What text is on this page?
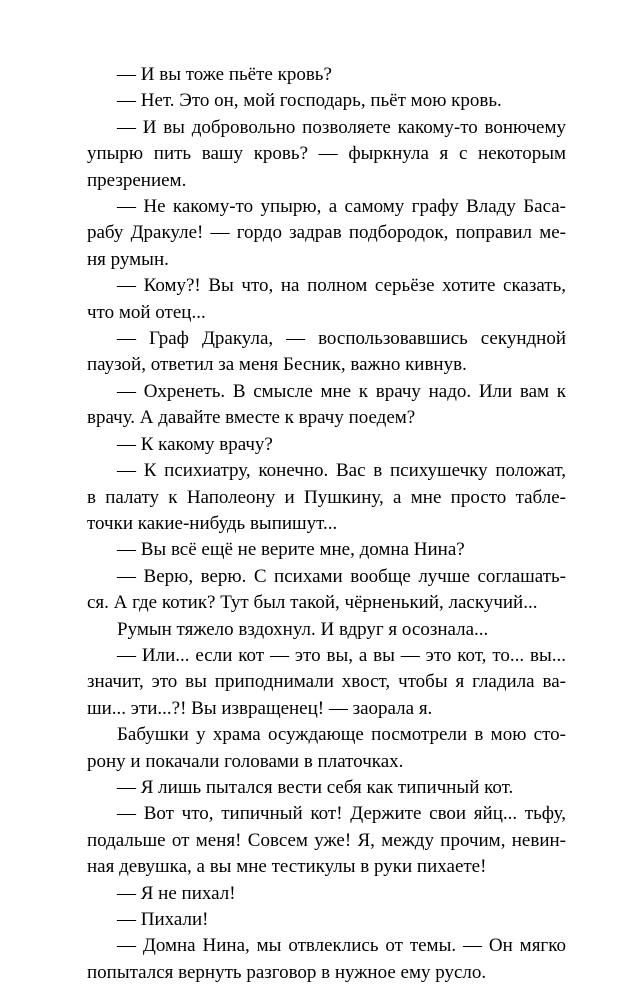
— И вы тоже пьёте кровь?

— Нет. Это он, мой господарь, пьёт мою кровь.

— И вы добровольно позволяете какому-то вонючему
упырю пить вашу кровь? — фыркнула я с некоторым
презрением.

— Не какому-то упырю, а самому графу Владу Баса-
рабу Дракуле! — гордо задрав подбородок, поправил ме-
ня румын.

— Кому?! Вы что, на полном серьёзе хотите сказать,
что мой отец...

— Граф Дракула, — воспользовавшись секундной
паузой, ответил за меня Бесник, важно кивнув.

— Охренеть. В смысле мне к врачу надо. Или вам к
врачу. А давайте вместе к врачу поедем?

— К какому врачу?

— К психиатру, конечно. Вас в психушечку положат,
в палату к Наполеону и Пушкину, а мне просто табле-
точки какие-нибудь выпишут...

— Вы всё ещё не верите мне, домна Нина?

— Верю, верю. С психами вообще лучше соглашать-
ся. А где котик? Тут был такой, чёрненький, ласкучий...

Румын тяжело вздохнул. И вдруг я осознала...

— Или... если кот — это вы, а вы — это кот, то... вы...
значит, это вы приподнимали хвост, чтобы я гладила ва-
ши... эти...?! Вы извращенец! — заорала я.

Бабушки у храма осуждающе посмотрели в мою сто-
рону и покачали головами в платочках.

— Я лишь пытался вести себя как типичный кот.

— Вот что, типичный кот! Держите свои яйц... тьфу,
подальше от меня! Совсем уже! Я, между прочим, невин-
ная девушка, а вы мне тестикулы в руки пихаете!

— Я не пихал!

— Пихали!

— Домна Нина, мы отвлеклись от темы. — Он мягко
попытался вернуть разговор в нужное ему русло.
